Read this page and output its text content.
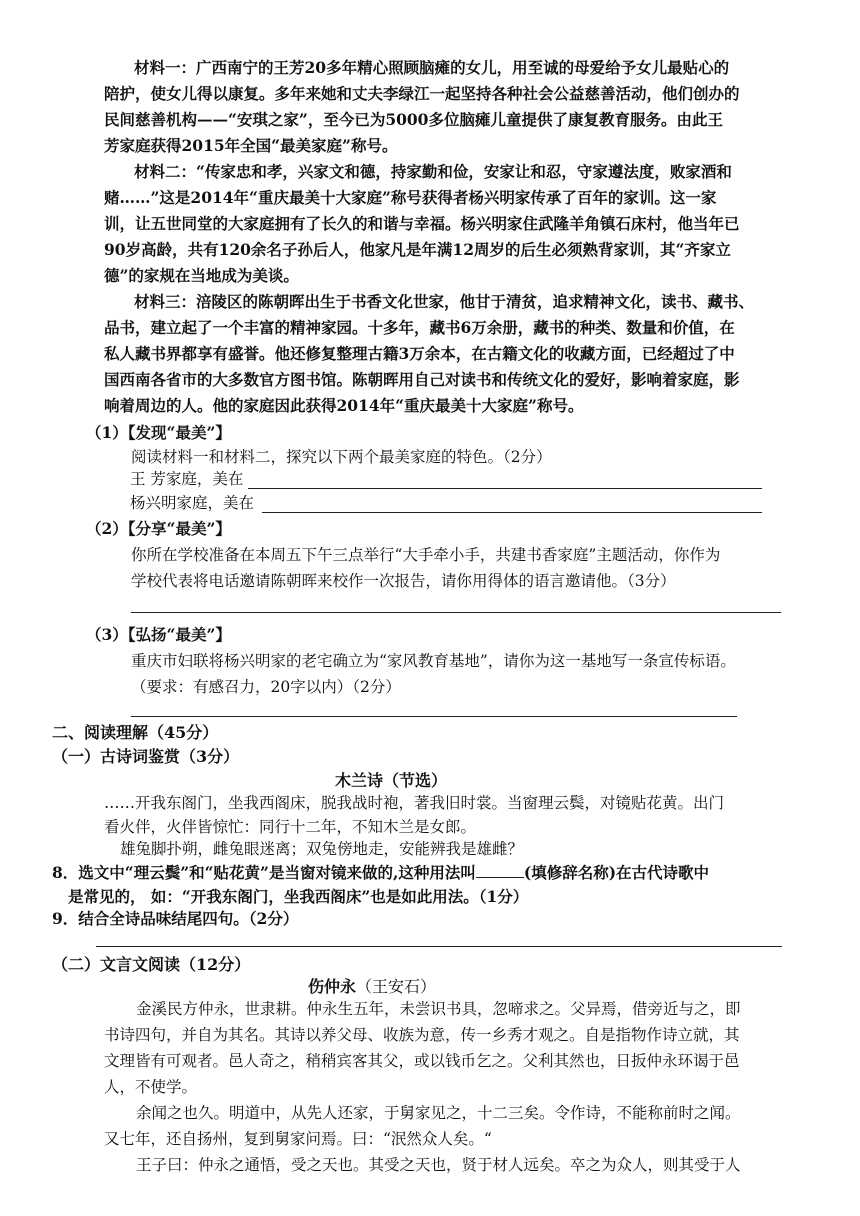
材料一：广西南宁的王芳20多年精心照顾脑瘫的女儿，用至诚的母爱给予女儿最贴心的
陪护，使女儿得以康复。多年来她和丈夫李绿江一起坚持各种社会公益慈善活动，他们创办的
民间慈善机构——“安琪之家”，至今已为5000多位脑瘫儿童提供了康复教育服务。由此王
芳家庭获得2015年全国“最美家庭”称号。
材料二：“传家忠和孝，兴家文和德，持家勤和俭，安家让和忍，守家遵法度，败家酒和
赌……”这是2014年“重庆最美十大家庭”称号获得者杨兴明家传承了百年的家训。这一家
训，让五世同堂的大家庭拥有了长久的和谐与幸福。杨兴明家住武隆羊角镇石床村，他当年已
90岁高龄，共有120余名子孙后人，他家凡是年满12周岁的后生必须熟背家训，其“齐家立
德”的家规在当地成为美谈。
材料三：涪陵区的陈朝晖出生于书香文化世家，他甘于清贫，追求精神文化，读书、藏书、
品书，建立起了一个丰富的精神家园。十多年，藏书6万余册，藏书的种类、数量和价值，在
私人藏书界都享有盛誉。他还修复整理古籍3万余本，在古籍文化的收藏方面，已经超过了中
国西南各省市的大多数官方图书馆。陈朝晖用自己对读书和传统文化的爱好，影响着家庭，影
响着周边的人。他的家庭因此获得2014年“重庆最美十大家庭”称号。
（1）【发现“最美”】
阅读材料一和材料二，探究以下两个最美家庭的特色。（2分）
王 芳家庭，美在
杨兴明家庭，美在
（2）【分享“最美”】
你所在学校准备在本周五下午三点举行“大手牵小手，共建书香家庭”主题活动，你作为
学校代表将电话邀请陈朝晖来校作一次报告，请你用得体的语言邀请他。（3分）
（3）【弘扬“最美”】
重庆市妇联将杨兴明家的老宅确立为“家风教育基地”，请你为这一基地写一条宣传标语。
（要求：有感召力，20字以内）（2分）
二、阅读理解（45分）
（一）古诗词鉴赏（3分）
木兰诗（节选）
……开我东阁门，坐我西阁床，脱我战时袍，著我旧时裳。当窗理云鬓，对镜贴花黄。出门
看火伴，火伴皆惊忙：同行十二年，不知木兰是女郎。
雄兔脚扑朔，雌兔眼迷离；双兔傍地走，安能辨我是雄雌？
8．选文中“理云鬓”和“贴花黄”是当窗对镜来做的,这种用法叫	(填修辞名称)在古代诗歌中
是常见的， 如：“开我东阁门，坐我西阁床”也是如此用法。（1分）
9．结合全诗品味结尾四句。（2分）
（二）文言文阅读（12分）
伤仲永（王安石）
金溪民方仲永，世隶耕。仲永生五年，未尝识书具，忽啼求之。父异焉，借旁近与之，即
书诗四句，并自为其名。其诗以养父母、收族为意，传一乡秀才观之。自是指物作诗立就，其
文理皆有可观者。邑人奇之，稍稍宾客其父，或以钱币乞之。父利其然也，日扳仲永环谒于邑
人，不使学。
余闻之也久。明道中，从先人还家，于舅家见之，十二三矣。令作诗，不能称前时之闻。
又七年，还自扬州，复到舅家问焉。曰：“泯然众人矣。“
王子曰：仲永之通悟，受之天也。其受之天也，贤于材人远矣。卒之为众人，则其受于人
